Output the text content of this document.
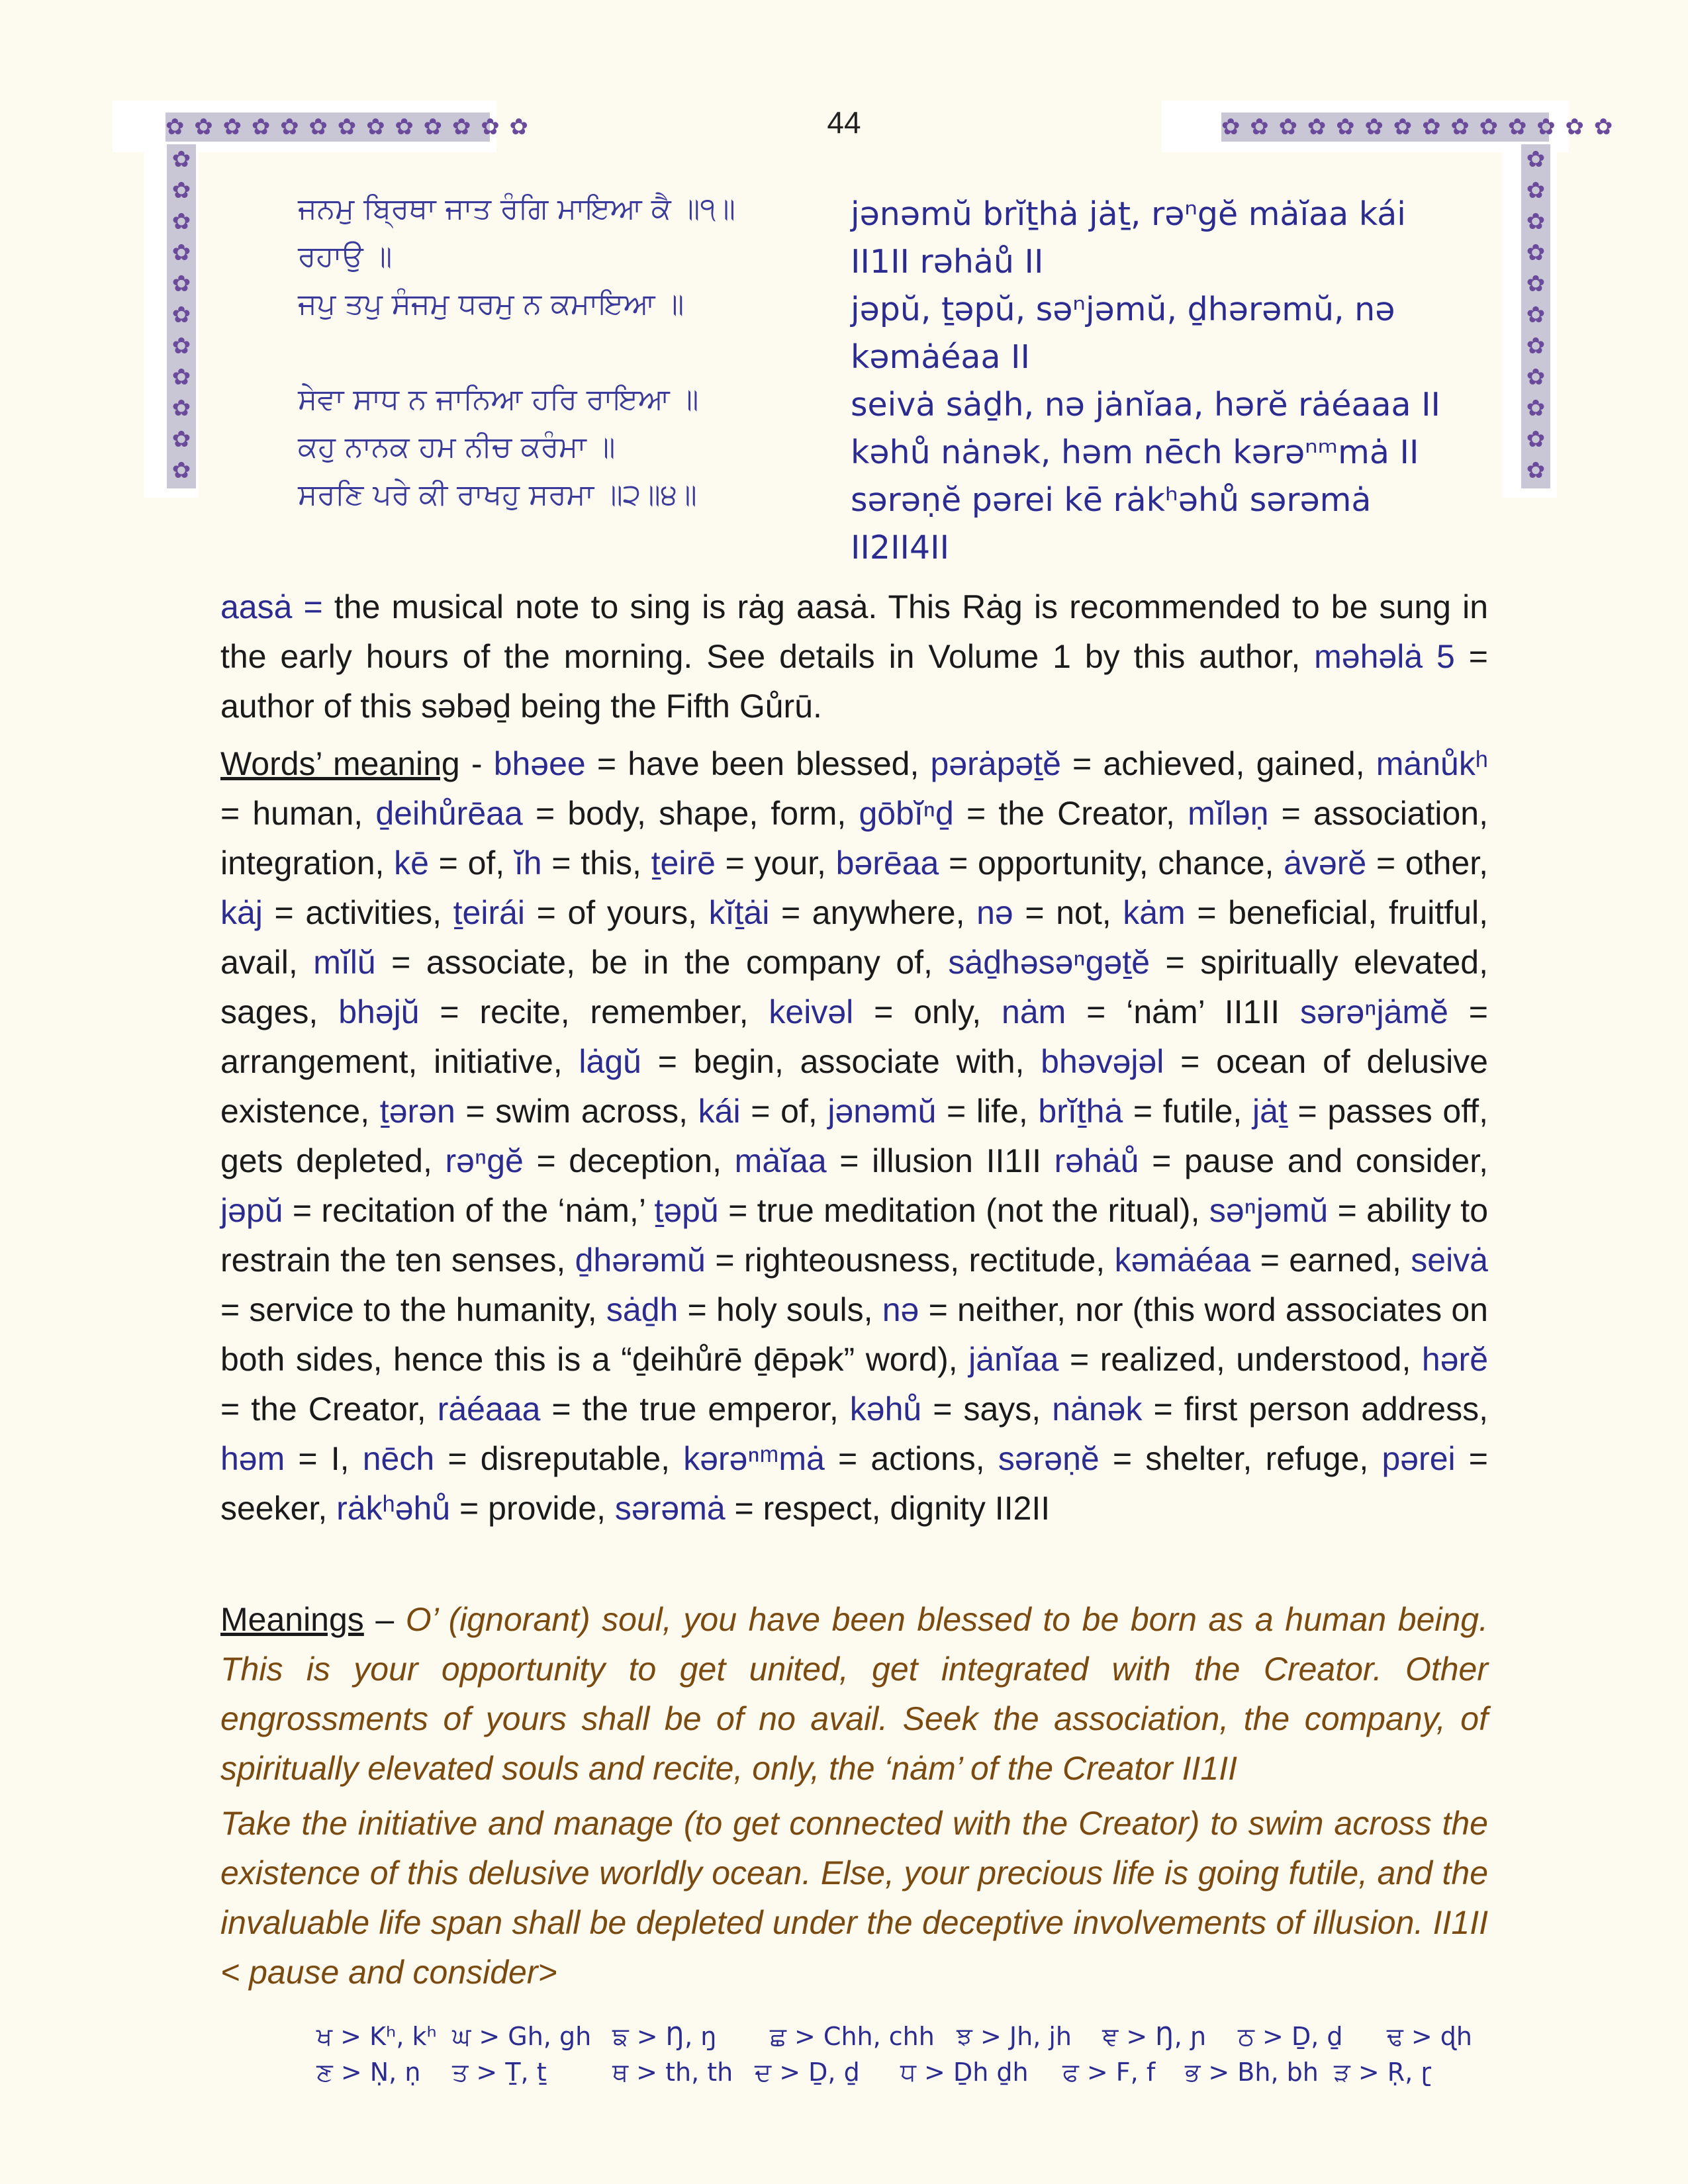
✿ ✿ ✿ ✿ ✿ ✿ ✿ ✿ ✿ ✿ ✿ ✿ ✿	✿ ✿ ✿ ✿ ✿ ✿ ✿ ✿ ✿ ✿ ✿ ✿ ✿ ✿
✿
✿
✿
✿
✿
✿
✿
✿
✿
✿
✿
✿
✿
✿
✿
✿
✿
✿
✿
✿
✿
✿
44
ਜਨਮੁ ਬ੍ਰਿਥਾ ਜਾਤ ਰੰਗਿ ਮਾਇਆ ਕੈ ॥੧॥
ਰਹਾਉ ॥
ਜਪੁ ਤਪੁ ਸੰਜਮੁ ਧਰਮੁ ਨ ਕਮਾਇਆ ॥
ਸੇਵਾ ਸਾਧ ਨ ਜਾਨਿਆ ਹਰਿ ਰਾਇਆ ॥
ਕਹੁ ਨਾਨਕ ਹਮ ਨੀਚ ਕਰੰਮਾ ॥
ਸਰਣਿ ਪਰੇ ਕੀ ਰਾਖਹੁ ਸਰਮਾ ॥੨॥੪॥
jənəmŭ brĭṯhȧ jȧṯ, rəⁿgĕ mȧĭaa kái
II1II rəhȧů II
jəpŭ, ṯəpŭ, səⁿjəmŭ, ḏhərəmŭ, nə
kəmȧéaa II
seivȧ sȧḏh, nə jȧnĭaa, hərĕ rȧéaaa II
kəhů nȧnək, həm nēch kərəⁿᵐmȧ II
sərəṇĕ pərei kē rȧkʰəhů sərəmȧ
II2II4II
aasȧ = the musical note to sing is rȧg aasȧ. This Rȧg is recommended to be sung in the early hours of the morning. See details in Volume 1 by this author, məhəlȧ 5 = author of this səbəḏ being the Fifth Gůrū.
Words’ meaning - bhəee = have been blessed, pərȧpəṯĕ = achieved, gained, mȧnůkʰ = human, ḏeihůrēaa = body, shape, form, gōbĭⁿḏ = the Creator, mĭləṇ = association, integration, kē = of, ĭh = this, ṯeirē = your, bərēaa = opportunity, chance, ȧvərĕ = other, kȧj = activities, ṯeirái = of yours, kĭṯȧi = anywhere, nə = not, kȧm = beneficial, fruitful, avail, mĭlŭ = associate, be in the company of, sȧḏhəsəⁿgəṯĕ = spiritually elevated, sages, bhəjŭ = recite, remember, keivəl = only, nȧm = ‘nȧm’ II1II sərəⁿjȧmĕ = arrangement, initiative, lȧgŭ = begin, associate with, bhəvəjəl = ocean of delusive existence, ṯərən = swim across, kái = of, jənəmŭ = life, brĭṯhȧ = futile, jȧṯ = passes off, gets depleted, rəⁿgĕ = deception, mȧĭaa = illusion II1II rəhȧů = pause and consider, jəpŭ = recitation of the ‘nȧm,’ ṯəpŭ = true meditation (not the ritual), səⁿjəmŭ = ability to restrain the ten senses, ḏhərəmŭ = righteousness, rectitude, kəmȧéaa = earned, seivȧ = service to the humanity, sȧḏh = holy souls, nə = neither, nor (this word associates on both sides, hence this is a “ḏeihůrē ḏēpək” word), jȧnĭaa = realized, understood, hərĕ = the Creator, rȧéaaa = the true emperor, kəhů = says, nȧnək = first person address, həm = I, nēch = disreputable, kərəⁿᵐmȧ = actions, sərəṇĕ = shelter, refuge, pərei = seeker, rȧkʰəhů = provide, sərəmȧ = respect, dignity II2II
Meanings – O’ (ignorant) soul, you have been blessed to be born as a human being. This is your opportunity to get united, get integrated with the Creator. Other engrossments of yours shall be of no avail. Seek the association, the company, of spiritually elevated souls and recite, only, the ‘nȧm’ of the Creator II1II
Take the initiative and manage (to get connected with the Creator) to swim across the existence of this delusive worldly ocean. Else, your precious life is going futile, and the invaluable life span shall be depleted under the deceptive involvements of illusion. II1II < pause and consider>
ਖ > Kʰ, kʰ ਘ > Gh, gh ਙ > Ŋ, ŋ	ਛ > Chh, chh ਝ > Jh, jh	ਞ > Ŋ, ɲ	ਠ > Ḏ, ḏ	ਢ > ɖh
ਣ > Ṇ, ṇ	ਤ > Ṯ, ṯ	ਥ > th, th ਦ > Ḏ, ḏ	ਧ > Ḏh ḏh	ਫ > F, f	ਭ > Bh, bh ੜ > Ṛ, ɽ
